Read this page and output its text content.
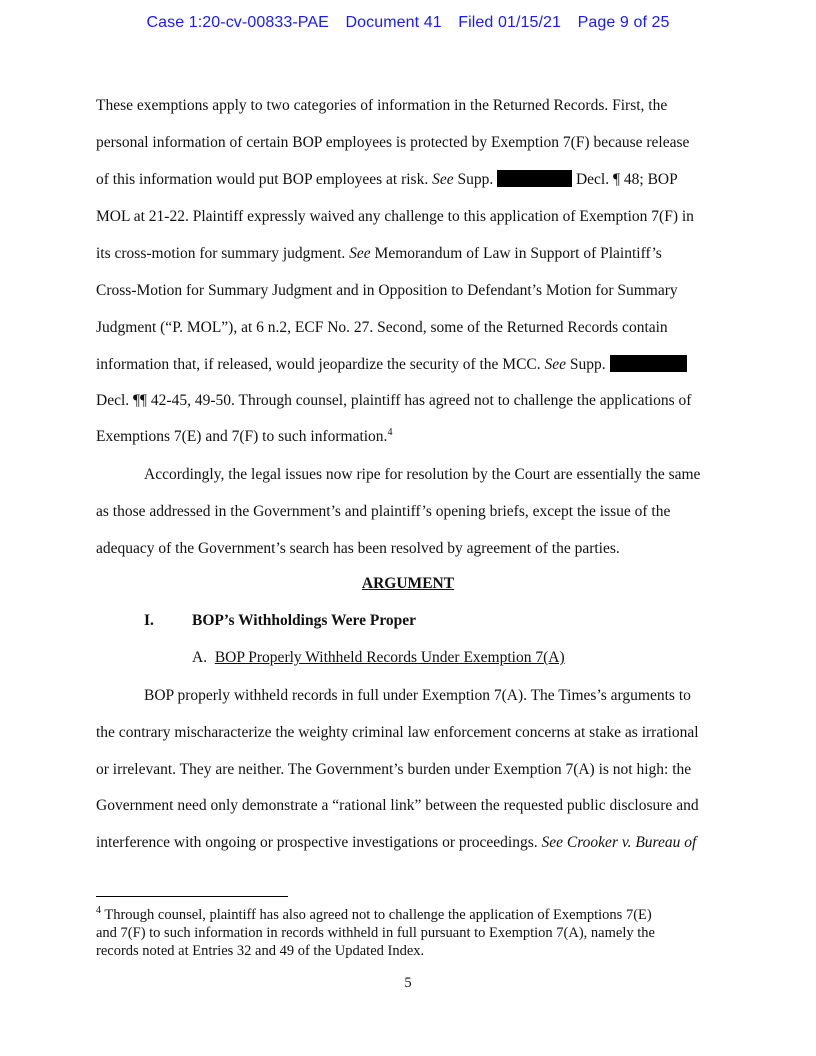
Case 1:20-cv-00833-PAE Document 41 Filed 01/15/21 Page 9 of 25
These exemptions apply to two categories of information in the Returned Records. First, the
personal information of certain BOP employees is protected by Exemption 7(F) because release
of this information would put BOP employees at risk. See Supp.	Decl. ¶ 48; BOP
MOL at 21-22. Plaintiff expressly waived any challenge to this application of Exemption 7(F) in
its cross-motion for summary judgment. See Memorandum of Law in Support of Plaintiff’s
Cross-Motion for Summary Judgment and in Opposition to Defendant’s Motion for Summary
Judgment (“P. MOL”), at 6 n.2, ECF No. 27. Second, some of the Returned Records contain
information that, if released, would jeopardize the security of the MCC. See Supp.
Decl. ¶¶ 42-45, 49-50. Through counsel, plaintiff has agreed not to challenge the applications of
Exemptions 7(E) and 7(F) to such information.$^4$
Accordingly, the legal issues now ripe for resolution by the Court are essentially the same
as those addressed in the Government’s and plaintiff’s opening briefs, except the issue of the
adequacy of the Government’s search has been resolved by agreement of the parties.
ARGUMENT
I. BOP’s Withholdings Were Proper
A. BOP Properly Withheld Records Under Exemption 7(A)
BOP properly withheld records in full under Exemption 7(A). The Times’s arguments to
the contrary mischaracterize the weighty criminal law enforcement concerns at stake as irrational
or irrelevant. They are neither. The Government’s burden under Exemption 7(A) is not high: the
Government need only demonstrate a “rational link” between the requested public disclosure and
interference with ongoing or prospective investigations or proceedings. See Crooker v. Bureau of
$^4$ Through counsel, plaintiff has also agreed not to challenge the application of Exemptions 7(E)
and 7(F) to such information in records withheld in full pursuant to Exemption 7(A), namely the
records noted at Entries 32 and 49 of the Updated Index.
5
